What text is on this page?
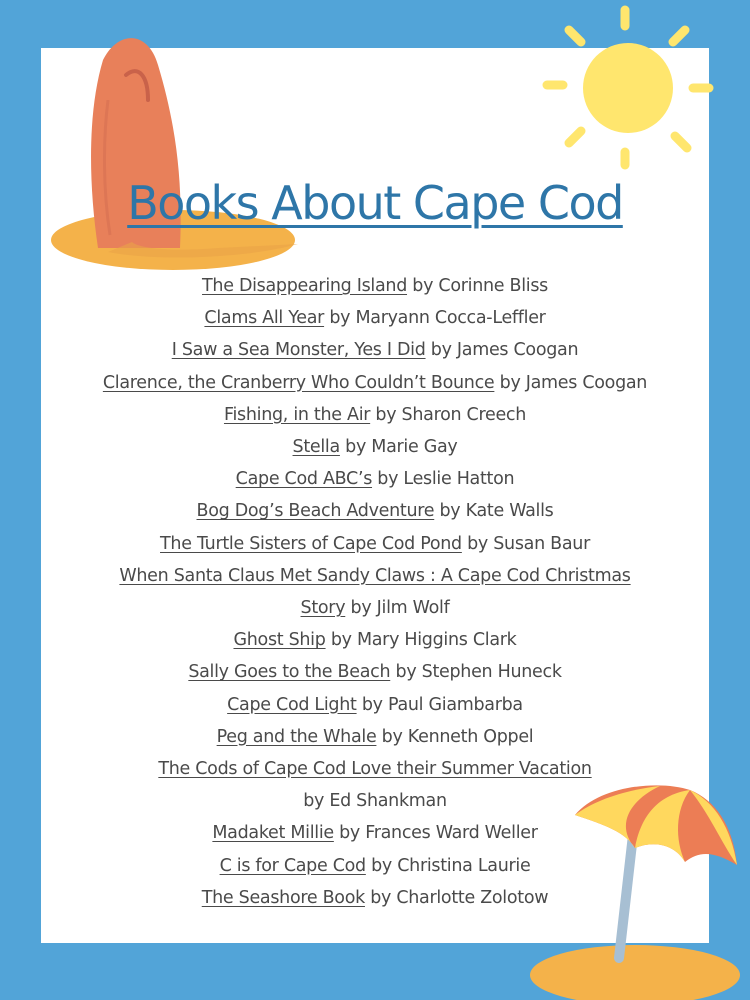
Books About Cape Cod
The Disappearing Island by Corinne Bliss
Clams All Year by Maryann Cocca-Leffler
I Saw a Sea Monster, Yes I Did by James Coogan
Clarence, the Cranberry Who Couldn’t Bounce by James Coogan
Fishing, in the Air by Sharon Creech
Stella by Marie Gay
Cape Cod ABC’s by Leslie Hatton
Bog Dog’s Beach Adventure by Kate Walls
The Turtle Sisters of Cape Cod Pond by Susan Baur
When Santa Claus Met Sandy Claws : A Cape Cod Christmas
Story by Jilm Wolf
Ghost Ship by Mary Higgins Clark
Sally Goes to the Beach by Stephen Huneck
Cape Cod Light by Paul Giambarba
Peg and the Whale by Kenneth Oppel
The Cods of Cape Cod Love their Summer Vacation
by Ed Shankman
Madaket Millie by Frances Ward Weller
C is for Cape Cod by Christina Laurie
The Seashore Book by Charlotte Zolotow
